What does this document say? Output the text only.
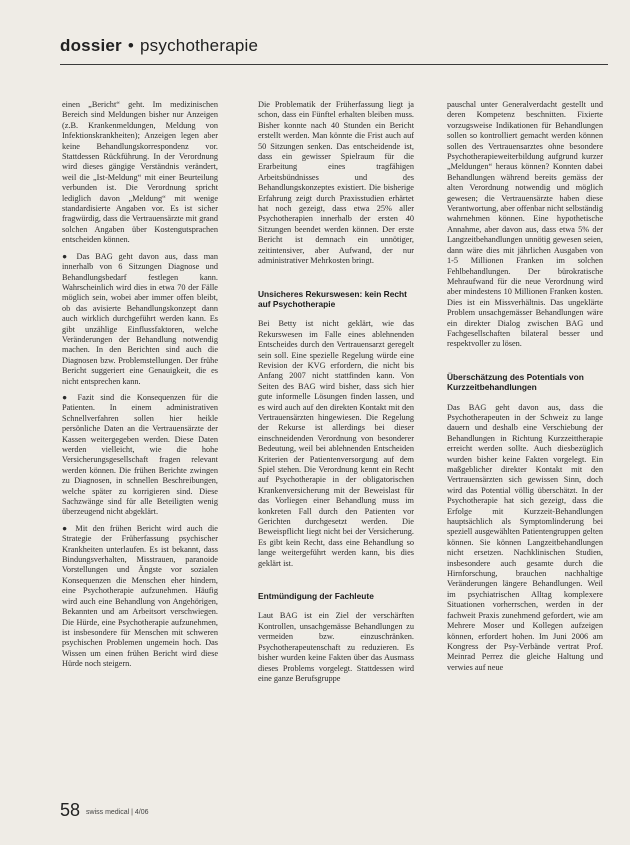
dossier • psychotherapie

einen „Bericht“ geht. Im medizinischen Bereich sind Meldungen bisher nur Anzeigen (z.B. Krankenmeldungen, Meldung von Infektionskrankheiten); Anzeigen legen aber keine Behandlungskorrespondenz vor. Stattdessen Rückführung. In der Verordnung wird dieses gängige Verständnis verändert, weil die „Ist-Meldung“ mit einer Beurteilung verbunden ist. Die Verordnung spricht lediglich davon „Meldung“ mit wenige standardisierte Angaben vor. Es ist sicher fragwürdig, dass die Vertrauensärzte mit grand solchen Angaben über Kostengutsprachen entscheiden können.

● Das BAG geht davon aus, dass man innerhalb von 6 Sitzungen Diagnose und Behandlungsbedarf festlegen kann. Wahrscheinlich wird dies in etwa 70 der Fälle möglich sein, wobei aber immer offen bleibt, ob das avisierte Behandlungskonzept dann auch wirklich durchgeführt werden kann. Es gibt unzählige Einflussfaktoren, welche Veränderungen der Behandlung notwendig machen. In den Berichten sind auch die Diagnosen bzw. Problemstellungen. Der frühe Bericht suggeriert eine Genauigkeit, die es nicht entsprechen kann.

● Fazit sind die Konsequenzen für die Patienten. In einem administrativen Schnellverfahren sollen hier heikle persönliche Daten an die Vertrauensärzte der Kassen weitergegeben werden. Diese Daten werden vielleicht, wie die hohe Versicherungsgesellschaft fragen relevant werden können. Die frühen Berichte zwingen zu Diagnosen, in schnellen Beschreibungen, welche später zu korrigieren sind. Diese Sachzwänge sind für alle Beteiligten wenig überzeugend nicht abgeklärt.

● Mit den frühen Bericht wird auch die Strategie der Früherfassung psychischer Krankheiten unterlaufen. Es ist bekannt, dass Bindungsverhalten, Misstrauen, paranoide Vorstellungen und Ängste vor sozialen Konsequenzen die Menschen eher hindern, eine Psychotherapie aufzunehmen. Häufig wird auch eine Behandlung von Angehörigen, Bekannten und am Arbeitsort verschwiegen. Die Hürde, eine Psychotherapie aufzunehmen, ist insbesondere für Menschen mit schweren psychischen Problemen ungemein hoch. Das Wissen um einen frühen Bericht wird diese Hürde noch steigern.

Die Problematik der Früherfassung liegt ja schon, dass ein Fünftel erhalten bleiben muss. Bisher konnte nach 40 Stunden ein Bericht erstellt werden. Man könnte die Frist auch auf 50 Sitzungen senken. Das entscheidende ist, dass ein gewisser Spielraum für die Erarbeitung eines tragfähigen Arbeitsbündnisses und des Behandlungskonzeptes existiert. Die bisherige Erfahrung zeigt durch Praxisstudien erhärtet hat noch gezeigt, dass etwa 25% aller Psychotherapien innerhalb der ersten 40 Sitzungen beendet werden können. Der erste Bericht ist demnach ein unnötiger, zeitintensiver, aber Aufwand, der nur administrativer Mehrkosten bringt.

Unsicheres Rekurswesen: kein Recht auf Psychotherapie

Bei Betty ist nicht geklärt, wie das Rekurswesen im Falle eines ablehnenden Entscheides durch den Vertrauensarzt geregelt sein soll. Eine spezielle Regelung würde eine Revision der KVG erfordern, die nicht bis Anfang 2007 nicht stattfinden kann. Von Seiten des BAG wird bisher, dass sich hier gute informelle Lösungen finden lassen, und es wird auch auf den direkten Kontakt mit den Vertrauensärzten hingewiesen. Die Regelung der Rekurse ist allerdings bei dieser einschneidenden Verordnung von besonderer Bedeutung, weil bei ablehnenden Entscheiden Kriterien der Patientenversorgung auf dem Spiel stehen. Die Verordnung kennt ein Recht auf Psychotherapie in der obligatorischen Krankenversicherung mit der Beweislast für das Vorliegen einer Behandlung muss im konkreten Fall durch den Patienten vor Gerichten durchgesetzt werden. Die Beweispflicht liegt nicht bei der Versicherung. Es gibt kein Recht, dass eine Behandlung so lange weitergeführt werden kann, bis dies geklärt ist.

Entmündigung der Fachleute

Laut BAG ist ein Ziel der verschärften Kontrollen, unsachgemässe Behandlungen zu vermeiden bzw. einzuschränken. Psychotherapeutenschaft zu reduzieren. Es bisher wurden keine Fakten über das Ausmass dieses Problems vorgelegt. Stattdessen wird eine ganze Berufsgruppe

pauschal unter Generalverdacht gestellt und deren Kompetenz beschnitten. Fixierte vorzugsweise Indikationen für Behandlungen sollen so kontrolliert gemacht werden können sollen des Vertrauensarztes ohne besondere Psychotherapieweiterbildung aufgrund kurzer „Meldungen“ heraus können? Konnten dabei Behandlungen während bereits gemäss der alten Verordnung notwendig und möglich gewesen; die Vertrauensärzte haben diese Verantwortung, aber offenbar nicht selbständig wahrnehmen können. Eine hypothetische Annahme, aber davon aus, dass etwa 5% der Langzeitbehandlungen unnötig gewesen seien, dann wäre dies mit jährlichen Ausgaben von 1-5 Millionen Franken im solchen Fehlbehandlungen. Der bürokratische Mehraufwand für die neue Verordnung wird aber mindestens 10 Millionen Franken kosten. Dies ist ein Missverhältnis. Das ungeklärte Problem unsachgemässer Behandlungen wäre ein direkter Dialog zwischen BAG und Fachgesellschaften bilateral besser und respektvoller zu lösen.

Überschätzung des Potentials von Kurzzeitbehandlungen

Das BAG geht davon aus, dass die Psychotherapeuten in der Schweiz zu lange dauern und deshalb eine Verschiebung der Behandlungen in Richtung Kurzzeittherapie erreicht werden sollte. Auch diesbezüglich wurden bisher keine Fakten vorgelegt. Ein maßgeblicher direkter Kontakt mit den Vertrauensärzten sich gewissen Sinn, doch wird das Potential völlig überschätzt. In der Psychotherapie hat sich gezeigt, dass die Erfolge mit Kurzzeit-Behandlungen hauptsächlich als Symptomlinderung bei speziell ausgewählten Patientengruppen gelten können. Sie können Langzeitbehandlungen nicht ersetzen. Nachklinischen Studien, insbesondere auch gesamte durch die Hirnforschung, brauchen nachhaltige Veränderungen längere Behandlungen. Weil im psychiatrischen Alltag komplexere Situationen vorherrschen, werden in der fachweit Praxis zunehmend gefordert, wie am Mehrere Moser und Kollegen aufzeigen können, erfordert hohen. Im Juni 2006 am Kongress der Psy-Verbände vertrat Prof. Meinrad Perrez die gleiche Haltung und verwies auf neue

58 swiss medical | 4/06
